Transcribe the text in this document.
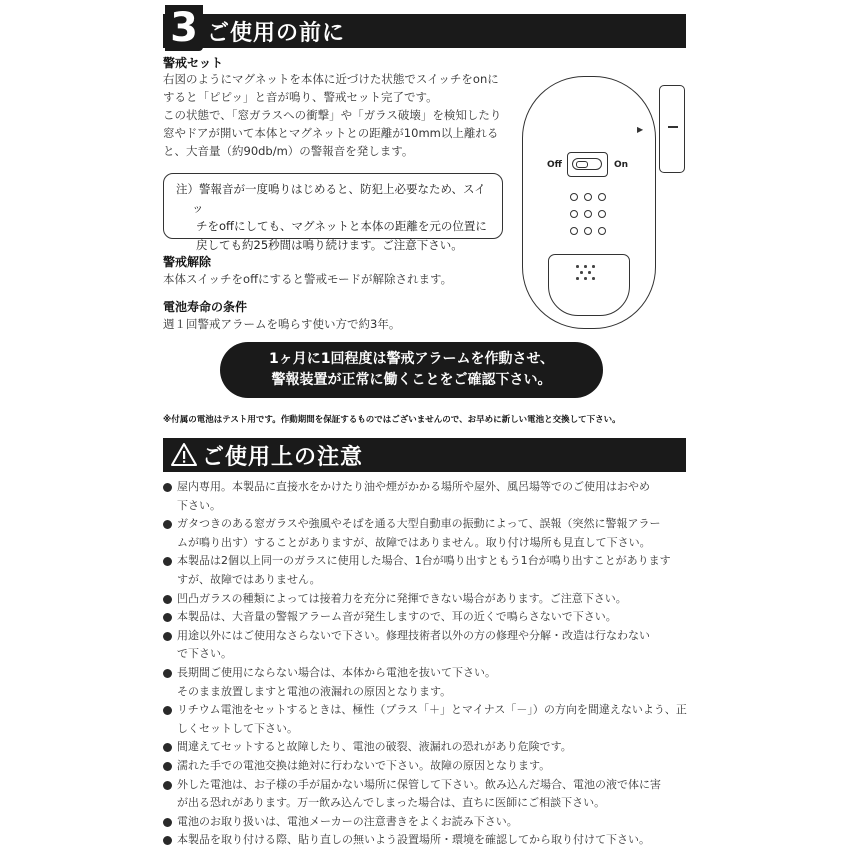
3 ご使用の前に
警戒セット
右図のようにマグネットを本体に近づけた状態でスイッチをonに
すると「ピピッ」と音が鳴り、警戒セット完了です。
この状態で、「窓ガラスへの衝撃」や「ガラス破壊」を検知したり
窓やドアが開いて本体とマグネットとの距離が10mm以上離れる
と、大音量（約90db/m）の警報音を発します。
注）警報音が一度鳴りはじめると、防犯上必要なため、スイッ
チをoffにしても、マグネットと本体の距離を元の位置に
戻しても約25秒間は鳴り続けます。ご注意下さい。
警戒解除
本体スイッチをoffにすると警戒モードが解除されます。
電池寿命の条件
週１回警戒アラームを鳴らす使い方で約3年。
▶
Off	On
1ヶ月に1回程度は警戒アラームを作動させ、
警報装置が正常に働くことをご確認下さい。
※付属の電池はテスト用です。作動期間を保証するものではございませんので、お早めに新しい電池と交換して下さい。
ご使用上の注意
屋内専用。本製品に直接水をかけたり油や煙がかかる場所や屋外、風呂場等でのご使用はおやめ
下さい。
ガタつきのある窓ガラスや強風やそばを通る大型自動車の振動によって、誤報（突然に警報アラー
ムが鳴り出す）することがありますが、故障ではありません。取り付け場所も見直して下さい。
本製品は2個以上同一のガラスに使用した場合、1台が鳴り出すともう1台が鳴り出すことがあります
すが、故障ではありません。
凹凸ガラスの種類によっては接着力を充分に発揮できない場合があります。ご注意下さい。
本製品は、大音量の警報アラーム音が発生しますので、耳の近くで鳴らさないで下さい。
用途以外にはご使用なさらないで下さい。修理技術者以外の方の修理や分解・改造は行なわない
で下さい。
長期間ご使用にならない場合は、本体から電池を抜いて下さい。
そのまま放置しますと電池の液漏れの原因となります。
リチウム電池をセットするときは、極性（プラス「＋」とマイナス「－」）の方向を間違えないよう、正
しくセットして下さい。
間違えてセットすると故障したり、電池の破裂、液漏れの恐れがあり危険です。
濡れた手での電池交換は絶対に行わないで下さい。故障の原因となります。
外した電池は、お子様の手が届かない場所に保管して下さい。飲み込んだ場合、電池の液で体に害
が出る恐れがあります。万一飲み込んでしまった場合は、直ちに医師にご相談下さい。
電池のお取り扱いは、電池メーカーの注意書きをよくお読み下さい。
本製品を取り付ける際、貼り直しの無いよう設置場所・環境を確認してから取り付けて下さい。
